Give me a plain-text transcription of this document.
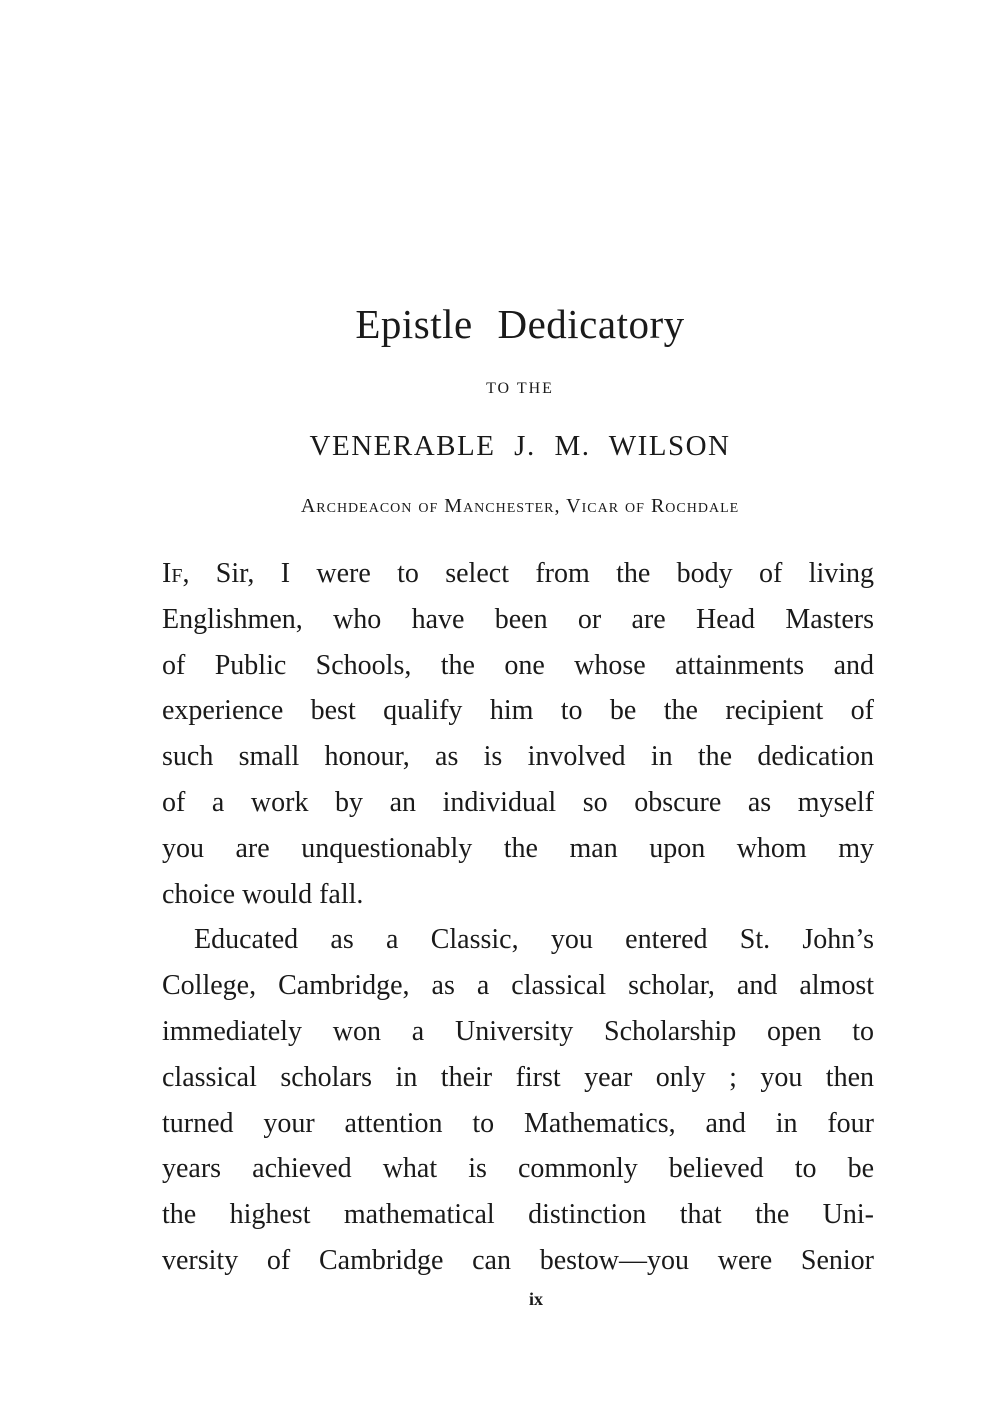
Epistle Dedicatory
TO THE
VENERABLE J. M. WILSON
Archdeacon of Manchester, Vicar of Rochdale
If, Sir, I were to select from the body of living
Englishmen, who have been or are Head Masters
of Public Schools, the one whose attainments and
experience best qualify him to be the recipient of
such small honour, as is involved in the dedication
of a work by an individual so obscure as myself
you are unquestionably the man upon whom my
choice would fall.
Educated as a Classic, you entered St. John’s
College, Cambridge, as a classical scholar, and almost
immediately won a University Scholarship open to
classical scholars in their first year only ; you then
turned your attention to Mathematics, and in four
years achieved what is commonly believed to be
the highest mathematical distinction that the Uni-
versity of Cambridge can bestow—you were Senior
ix
